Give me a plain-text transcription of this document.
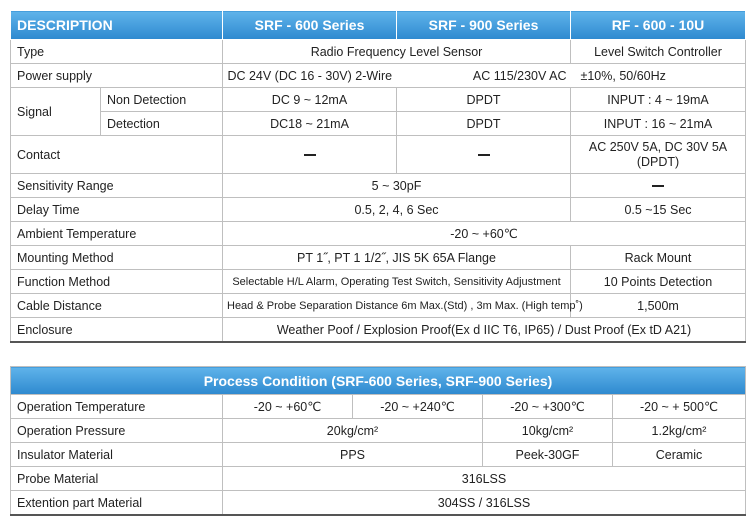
DESCRIPTION		SRF - 600 Series	SRF - 900 Series	RF - 600 - 10U
Type		Radio Frequency Level Sensor		Level Switch Controller
Power supply		DC 24V (DC 16 - 30V) 2-Wire	AC 115/230V AC	±10%, 50/60Hz
Signal	Non Detection	DC 9 ~ 12mA	DPDT	INPUT : 4 ~ 19mA
	Detection	DC18 ~ 21mA	DPDT	INPUT : 16 ~ 21mA
Contact				AC 250V 5A, DC 30V 5A
(DPDT)

Sensitivity Range		5 ~ 30pF		
Delay Time		0.5, 2, 4, 6 Sec		0.5 ~15 Sec
Ambient Temperature		-20 ~ +60℃		
Mounting Method		PT 1˝, PT 1 1/2˝, JIS 5K 65A Flange		Rack Mount
Function Method		Selectable H/L Alarm, Operating Test Switch, Sensitivity Adjustment		10 Points Detection
Cable Distance		Head & Probe Separation Distance 6m Max.(Std) , 3m Max. (High temp˚)		1,500m
Enclosure		Weather Poof / Explosion Proof(Ex d IIC T6, IP65) / Dust Proof (Ex tD A21)		
Process Condition (SRF-600 Series, SRF-900 Series)				
Operation Temperature	-20 ~ +60℃	-20 ~ +240℃	-20 ~ +300℃	-20 ~ + 500℃
Operation Pressure	20kg/cm²		10kg/cm²	1.2kg/cm²
Insulator Material	PPS		Peek-30GF	Ceramic
Probe Material	316LSS			
Extention part Material	304SS / 316LSS			
